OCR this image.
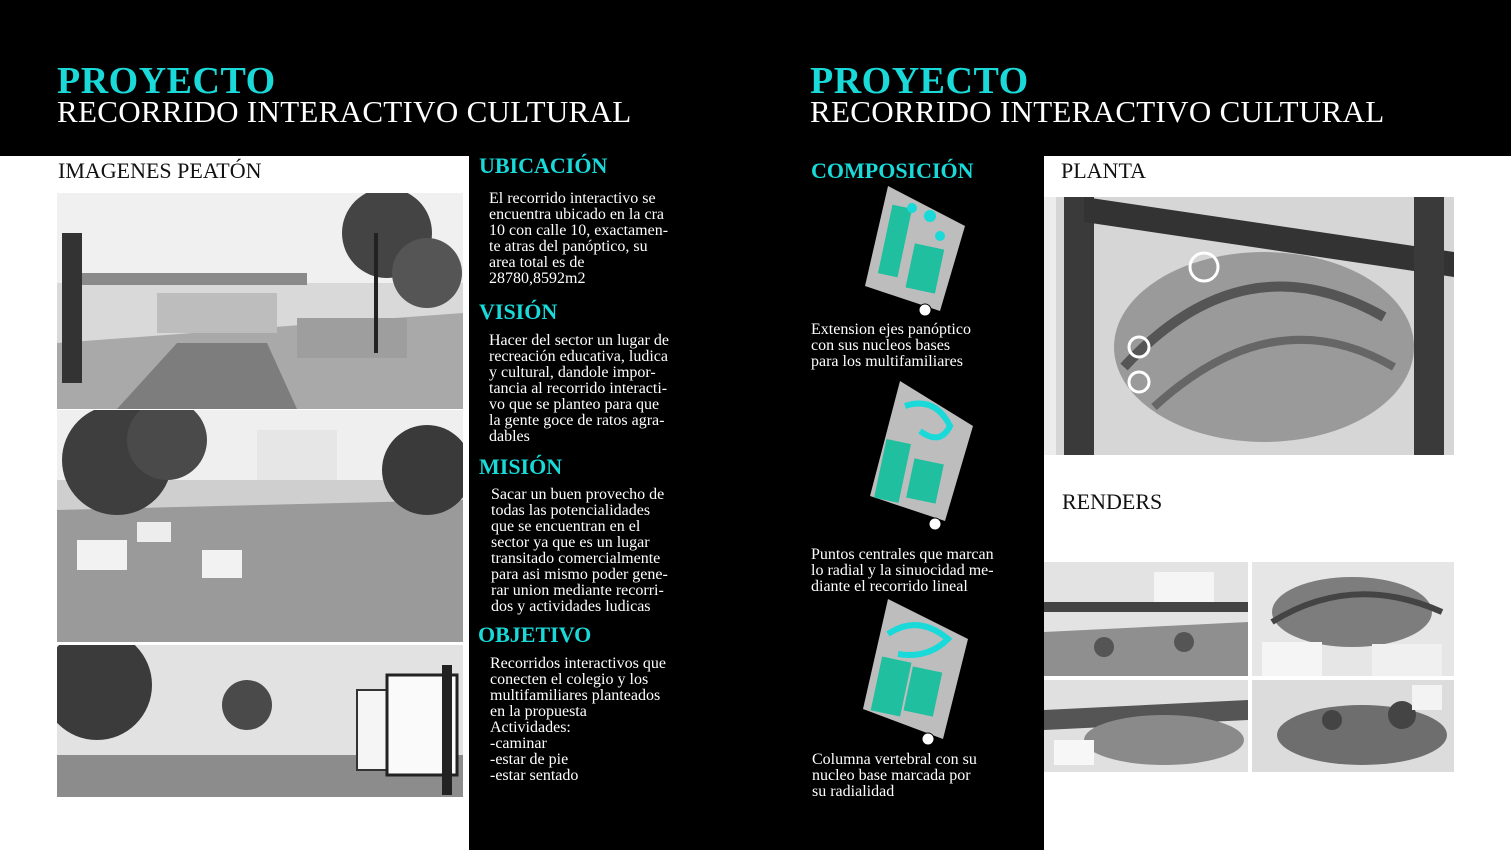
PROYECTO
RECORRIDO INTERACTIVO CULTURAL
PROYECTO
RECORRIDO INTERACTIVO CULTURAL
IMAGENES PEATÓN	UBICACIÓN
El recorrido interactivo se
encuentra ubicado en la cra
10 con calle 10, exactamen-
te atras del panóptico, su
area total es de
28780,8592m2
VISIÓN
Hacer del sector un lugar de
recreación educativa, ludica
y cultural, dandole impor-
tancia al recorrido interacti-
vo que se planteo para que
la gente goce de ratos agra-
dables
MISIÓN
Sacar un buen provecho de
todas las potencialidades
que se encuentran en el
sector ya que es un lugar
transitado comercialmente
para asi mismo poder gene-
rar union mediante recorri-
dos y actividades ludicas
OBJETIVO
Recorridos interactivos que
conecten el colegio y los
multifamiliares planteados
en la propuesta
Actividades:
-caminar
-estar de pie
-estar sentado
COMPOSICIÓN
Extension ejes panóptico
con sus nucleos bases
para los multifamiliares
Puntos centrales que marcan
lo radial y la sinuocidad me-
diante el recorrido lineal
Columna vertebral con su
nucleo base marcada por
su radialidad
PLANTA
RENDERS
